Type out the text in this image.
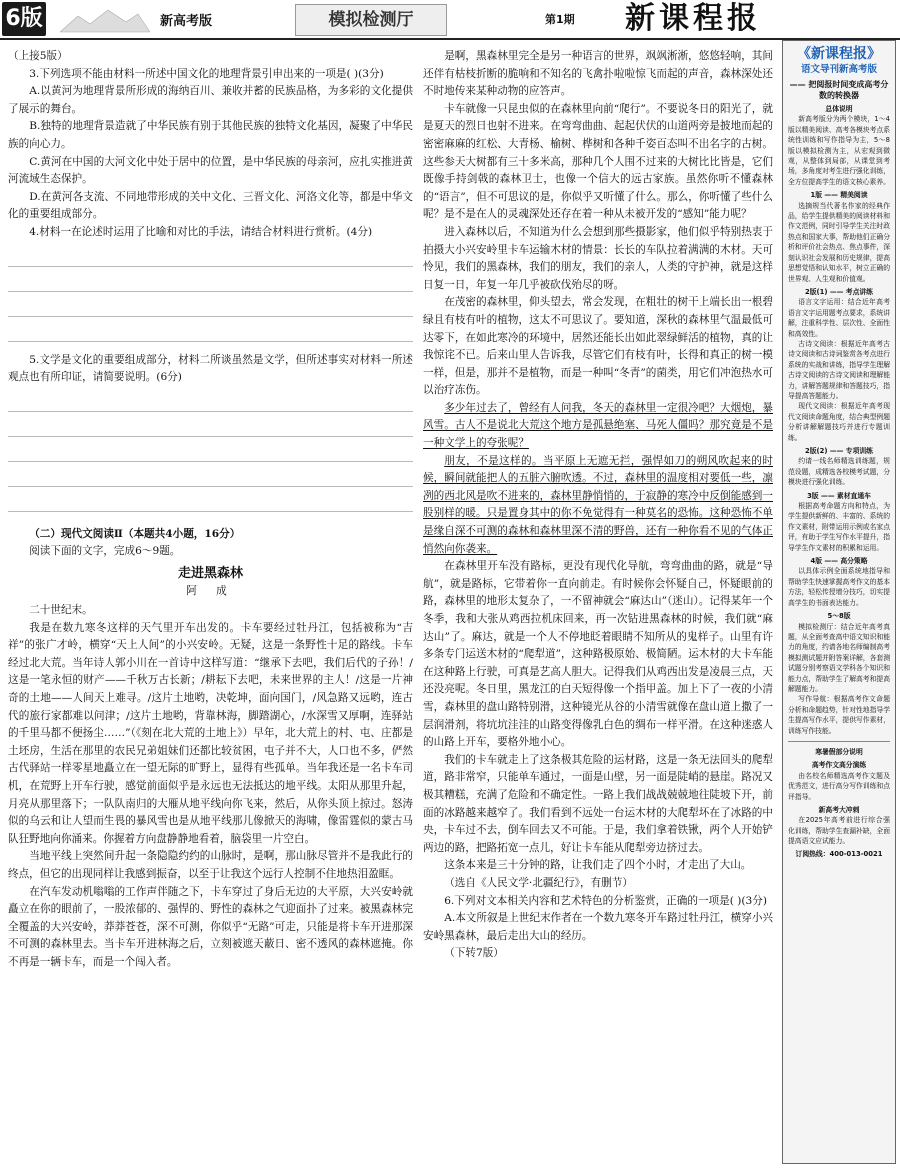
6版	新高考版	模拟检测厅	第1期 新课程报

（上接5版）

3.下列选项不能由材料一所述中国文化的地理背景引申出来的一项是( )(3分)

A.以黄河为地理背景所形成的海纳百川、兼收并蓄的民族品格，为多彩的文化提供了展示的舞台。

B.独特的地理背景造就了中华民族有别于其他民族的独特文化基因，凝聚了中华民族的向心力。

C.黄河在中国的大河文化中处于居中的位置，是中华民族的母亲河，应扎实推进黄河流域生态保护。

D.在黄河各支流、不同地带形成的关中文化、三晋文化、河洛文化等，都是中华文化的重要组成部分。

4.材料一在论述时运用了比喻和对比的手法，请结合材料进行赏析。(4分)

5.文学是文化的重要组成部分，材料二所谈虽然是文学，但所述事实对材料一所述观点也有所印证，请简要说明。(6分)

（二）现代文阅读Ⅱ（本题共4小题，16分）

阅读下面的文字，完成6～9题。

走进黑森林
阿 成

二十世纪末。

我是在数九寒冬这样的天气里开车出发的。卡车要经过牡丹江，包括被称为“吉祥”的张广才岭，横穿“天上人间”的小兴安岭。无疑，这是一条野性十足的路线。卡车经过北大荒。当年诗人郭小川在一首诗中这样写道：“继承下去吧，我们后代的子孙！/这是一笔永恒的财产——千秋万古长新；/耕耘下去吧，未来世界的主人！/这是一片神奇的土地——人间天上难寻。/这片土地哟，决乾坤，面向国门，/风急路又远哟，连古代的旅行家都难以问津；/这片土地哟，背靠林海，脚踏湖心，/水深雪又厚啊，连驿站的千里马都不便扬尘……”（《刻在北大荒的土地上》）早年，北大荒上的村、屯、庄都是土坯房，生活在那里的农民兄弟姐妹们还都比较贫困，屯子并不大，人口也不多，俨然古代驿站一样零星地矗立在一望无际的旷野上，显得有些孤单。当年我还是一名卡车司机，在荒野上开车行驶，感觉前面似乎是永远也无法抵达的地平线。太阳从那里升起，月亮从那里落下；一队队南归的大雁从地平线向你飞来，然后，从你头顶上掠过。怒涛似的乌云和让人望而生畏的暴风雪也是从地平线那儿像掀天的海啸，像雷霆似的蒙古马队狂野地向你涌来。你握着方向盘静静地看着，脑袋里一片空白。

当地平线上突然间升起一条隐隐约约的山脉时，是啊，那山脉尽管并不是我此行的终点，但它的出现同样让我感到振奋，以至于让我这个远行人控制不住地热泪盈眶。

在汽车发动机嗡嗡的工作声伴随之下，卡车穿过了身后无边的大平原，大兴安岭就矗立在你的眼前了，一股浓郁的、强悍的、野性的森林之气迎面扑了过来。被黑森林完全覆盖的大兴安岭，莽莽苍苍，深不可测，你似乎“无路”可走，只能是将卡车开进那深不可测的森林里去。当卡车开进林海之后，立刻被遮天蔽日、密不透风的森林遮掩。你不再是一辆卡车，而是一个闯入者。

是啊，黑森林里完全是另一种语言的世界，飒飒淅淅，悠悠轻响，其间还伴有枯枝折断的脆响和不知名的飞禽扑啦啦惊飞而起的声音，森林深处还不时地传来某种动物的应答声。

卡车就像一只昆虫似的在森林里向前“爬行”。不要说冬日的阳光了，就是夏天的烈日也射不进来。在弯弯曲曲、起起伏伏的山道两旁是披地而起的密密麻麻的红松、大青杨、榆树、桦树和各种千姿百态叫不出名字的古树。这些参天大树都有三十多米高，那种几个人围不过来的大树比比皆是，它们既像手持剑戟的森林卫士，也像一个信大的远古家族。虽然你听不懂森林的“语言”，但不可思议的是，你似乎又听懂了什么。那么，你听懂了些什么呢？是不是在人的灵魂深处还存在着一种从未被开发的“感知”能力呢？

进入森林以后，不知道为什么会想到那些摄影家，他们似乎特别热衷于拍摄大小兴安岭里卡车运输木材的情景：长长的车队拉着满满的木材。天可怜见，我们的黑森林，我们的朋友，我们的亲人，人类的守护神，就是这样日复一日，年复一年几乎被砍伐殆尽的呀。

在茂密的森林里，仰头望去，常会发现，在粗壮的树干上端长出一根碧绿且有枝有叶的植物，这太不可思议了。要知道，深秋的森林里气温最低可达零下，在如此寒冷的环境中，居然还能长出如此翠绿鲜活的植物，真的让我惊诧不已。后来山里人告诉我，尽管它们有枝有叶，长得和真正的树一模一样，但是，那并不是植物，而是一种叫“冬青”的菌类，用它们冲泡热水可以治疗冻伤。

多少年过去了，曾经有人问我，冬天的森林里一定很冷吧？大烟炮，暴风雪。古人不是说北大荒这个地方是孤悬绝塞、马死人僵吗？那究竟是不是一种文学上的夸张呢？

朋友，不是这样的。当平原上无遮无拦，强悍如刀的朔风吹起来的时候，瞬间就能把人的五脏六腑吹透。不过，森林里的温度相对要低一些，凛冽的西北风是吹不进来的，森林里静悄悄的，于寂静的寒冷中反倒能感到一股别样的暖。只是置身其中的你不免觉得有一种莫名的恐怖。这种恐怖不单是缘自深不可测的森林和森林里深不清的野兽，还有一种你看不见的气体正悄然向你袭来。

在森林里开车没有路标，更没有现代化导航，弯弯曲曲的路，就是“导航”，就是路标，它带着你一直向前走。有时候你会怀疑自己，怀疑眼前的路，森林里的地形太复杂了，一不留神就会“麻达山”（迷山）。记得某年一个冬季，我和大张从鸡西拉机床回来，再一次钻进黑森林的时候，我们就“麻达山”了。麻达，就是一个人不停地眨着眼睛不知所从的鬼样子。山里有许多条专门运送木材的“爬犁道”，这种路极原始、极简陋。运木材的大卡车能在这种路上行驶，可真是艺高人胆大。记得我们从鸡西出发是凌晨三点，天还没亮呢。冬日里，黑龙江的白天短得像一个指甲盖。加上下了一夜的小清雪，森林里的盘山路特别滑，这种镜光从谷的小清雪就像在盘山道上撒了一层润滑剂，将坑坑洼洼的山路变得像乳白色的绸布一样平滑。在这种迷惑人的山路上开车，要格外地小心。

我们的卡车就走上了这条极其危险的运材路，这是一条无法回头的爬犁道，路非常窄，只能单车通过，一面是山壁，另一面是陡峭的悬崖。路况又极其糟糕，充满了危险和不确定性。一路上我们战战兢兢地往陡坡下开，前面的冰路越来越窄了。我们看到不远处一台运木材的大爬犁坏在了冰路的中央，卡车过不去，倒车回去又不可能。于是，我们拿着铁锹，两个人开始铲两边的路，把路拓宽一点儿，好让卡车能从爬犁旁边挤过去。

这条本来是三十分钟的路，让我们走了四个小时，才走出了大山。

（选自《人民文学·北疆纪行》，有删节）

6.下列对文本相关内容和艺术特色的分析鉴赏，正确的一项是( )(3分)

A.本文所叙是上世纪末作者在一个数九寒冬开车路过牡丹江，横穿小兴安岭黑森林，最后走出大山的经历。

（下转7版）

《新课程报》
语文导刊新高考版
—— 把阅报时间变成高考分数的转换器
总体说明

新高考版分为两个模块，1～4版以精美阅读、高考各模块考点系统性训练和写作指导为主，5～8版以模拟检测为主，从宏观到微观，从整体到局部，从课堂到考场，多角度对考生进行强化训练，全方位提高学生的语文核心素养。

1版 —— 精美阅读

选摘规当代著名作家的经典作品，给学生提供精美的阅读材料和作文范例，同时引导学生关注时政热点和国家大事，帮助他们正确分析和评价社会热点、焦点事件，深刻认识社会发展和历史规律，提高思想觉悟和认知水平，树立正确的世界观、人生观和价值观。

2版(1) —— 考点讲练

语言文字运用：结合近年高考语言文字运用题考点要求，系统讲解，注重科学性、层次性、全面性和高效性。

古诗文阅读：根据近年高考古诗文阅读和古诗词鉴赏各考点进行系统的实战和讲练，指导学生理解古诗文阅读的古诗文阅读和理解能力，讲解答题规律和答题技巧，指导提高答题能力。

现代文阅读：根据近年高考现代文阅读命题角度，结合典型例题分析讲解解题技巧并进行专题训练。

2版(2) —— 专项训练

约请一线名师精选训练题，规范设题，成精选各校模考试题，分模块进行强化训练。

3版 —— 素材直通车

根据高考命题方向和特点，为学生提供新鲜的、丰富的、系统的作文素材，附带运用示例或名家点评，有助于学生写作水平提升，指导学生作文素材的积累和运用。

4版 —— 高分策略

以具体示例全面系统地指导和帮助学生快速掌握高考作文的基本方法，轻松传授增分技巧，切实提高学生的书面表达能力。

5～8版

模拟检测厅：结合近年高考真题，从全面考查高中语文知识和能力的角度，约请各地名师编制高考模拟测试题并附答案详解，各套测试题分别考察语文学科各个知识和能力点，帮助学生了解高考和提高解题能力。

写作导航：根据高考作文命题分析和命题趋势，针对性地指导学生提高写作水平，提供写作素材，训练写作技能。

寒暑假部分说明
高考作文高分演练

由名校名师精选高考作文题及优秀范文，进行高分写作训练和点评指导。

新高考大冲刺

在2025年高考前进行综合强化训练，帮助学生查漏补缺，全面提高语文应试能力。

订阅热线：400-013-0021
